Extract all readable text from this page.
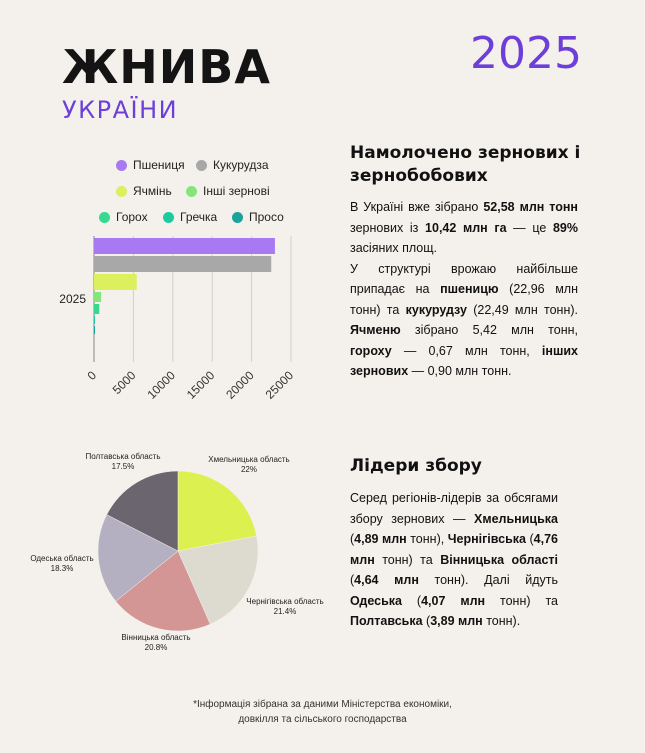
ЖНИВА
УКРАЇНИ
2025
Пшениця Кукурудза
Ячмінь	Інші зернові
Горох	Гречка	Просо
0 5000 10000 15000 20000 25000
2025
Намолочено зернових і
зернобобових

В Україні вже зібрано 52,58 млн тонн зернових із 10,42 млн га — це 89% засіяних площ.

У структурі врожаю найбільше припадає на пшеницю (22,96 млн тонн) та кукурудзу (22,49 млн тонн). Ячменю зібрано 5,42 млн тонн, гороху — 0,67 млн тонн, інших зернових — 0,90 млн тонн.

Хмельницька область
22%
Чернігівська область
21.4%
Вінницька область
20.8%
Одеська область
18.3%
Полтавська область
17.5%	Лідери збору

Серед регіонів-лідерів за обсягами збору зернових — Хмельницька (4,89 млн тонн), Чернігівська (4,76 млн тонн) та Вінницька області (4,64 млн тонн). Далі йдуть Одеська (4,07 млн тонн) та Полтавська (3,89 млн тонн).

*Інформація зібрана за даними Міністерства економіки,
довкілля та сільського господарства
